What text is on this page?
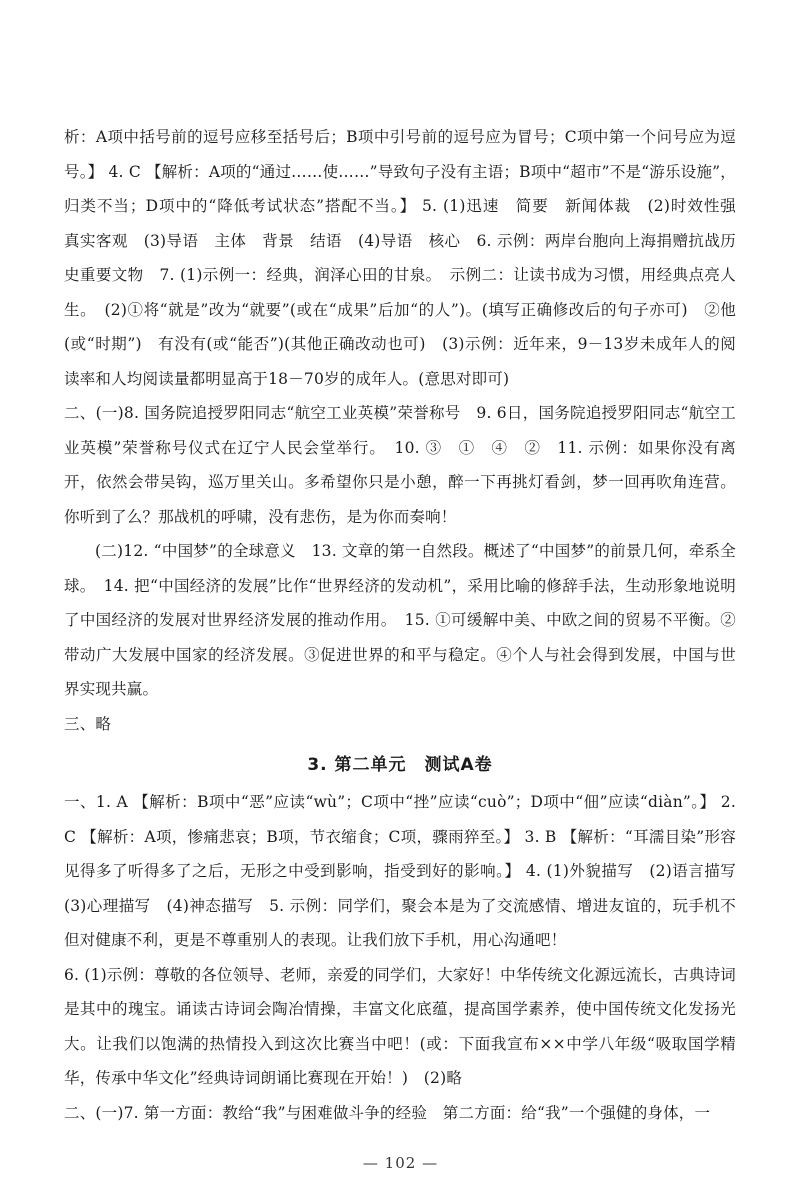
析：A项中括号前的逗号应移至括号后；B项中引号前的逗号应为冒号；C项中第一个问号应为逗号。】 4. C 【解析：A项的“通过……使……”导致句子没有主语；B项中“超市”不是“游乐设施”，归类不当；D项中的“降低考试状态”搭配不当。】 5. (1)迅速　简要　新闻体裁　(2)时效性强　真实客观　(3)导语　主体　背景　结语　(4)导语　核心　6. 示例：两岸台胞向上海捐赠抗战历史重要文物　7. (1)示例一：经典，润泽心田的甘泉。　示例二：让读书成为习惯，用经典点亮人生。　(2)①将“就是”改为“就要”(或在“成果”后加“的人”)。(填写正确修改后的句子亦可)　②他(或“时期”)　有没有(或“能否”)(其他正确改动也可)　(3)示例：近年来，9－13岁未成年人的阅读率和人均阅读量都明显高于18－70岁的成年人。(意思对即可)

二、(一)8. 国务院追授罗阳同志“航空工业英模”荣誉称号　9. 6日，国务院追授罗阳同志“航空工业英模”荣誉称号仪式在辽宁人民会堂举行。　10. ③　①　④　②　11. 示例：如果你没有离开，依然会带吴钩，巡万里关山。多希望你只是小憩，醉一下再挑灯看剑，梦一回再吹角连营。你听到了么？那战机的呼啸，没有悲伤，是为你而奏响！

(二)12. “中国梦”的全球意义　13. 文章的第一自然段。概述了“中国梦”的前景几何，牵系全球。　14. 把“中国经济的发展”比作“世界经济的发动机”，采用比喻的修辞手法，生动形象地说明了中国经济的发展对世界经济发展的推动作用。　15. ①可缓解中美、中欧之间的贸易不平衡。②带动广大发展中国家的经济发展。③促进世界的和平与稳定。④个人与社会得到发展，中国与世界实现共赢。

三、略

3. 第二单元　测试A卷

一、1. A 【解析：B项中“恶”应读“wù”；C项中“挫”应读“cuò”；D项中“佃”应读“diàn”。】 2. C 【解析：A项，惨痛悲哀；B项，节衣缩食；C项，骤雨猝至。】 3. B 【解析：“耳濡目染”形容见得多了听得多了之后，无形之中受到影响，指受到好的影响。】 4. (1)外貌描写　(2)语言描写　(3)心理描写　(4)神态描写　5. 示例：同学们，聚会本是为了交流感情、增进友谊的，玩手机不但对健康不利，更是不尊重别人的表现。让我们放下手机，用心沟通吧！

6. (1)示例：尊敬的各位领导、老师，亲爱的同学们，大家好！中华传统文化源远流长，古典诗词是其中的瑰宝。诵读古诗词会陶冶情操，丰富文化底蕴，提高国学素养，使中国传统文化发扬光大。让我们以饱满的热情投入到这次比赛当中吧！(或：下面我宣布××中学八年级“吸取国学精华，传承中华文化”经典诗词朗诵比赛现在开始！)　(2)略

二、(一)7. 第一方面：教给“我”与困难做斗争的经验　第二方面：给“我”一个强健的身体，一

— 102 —
